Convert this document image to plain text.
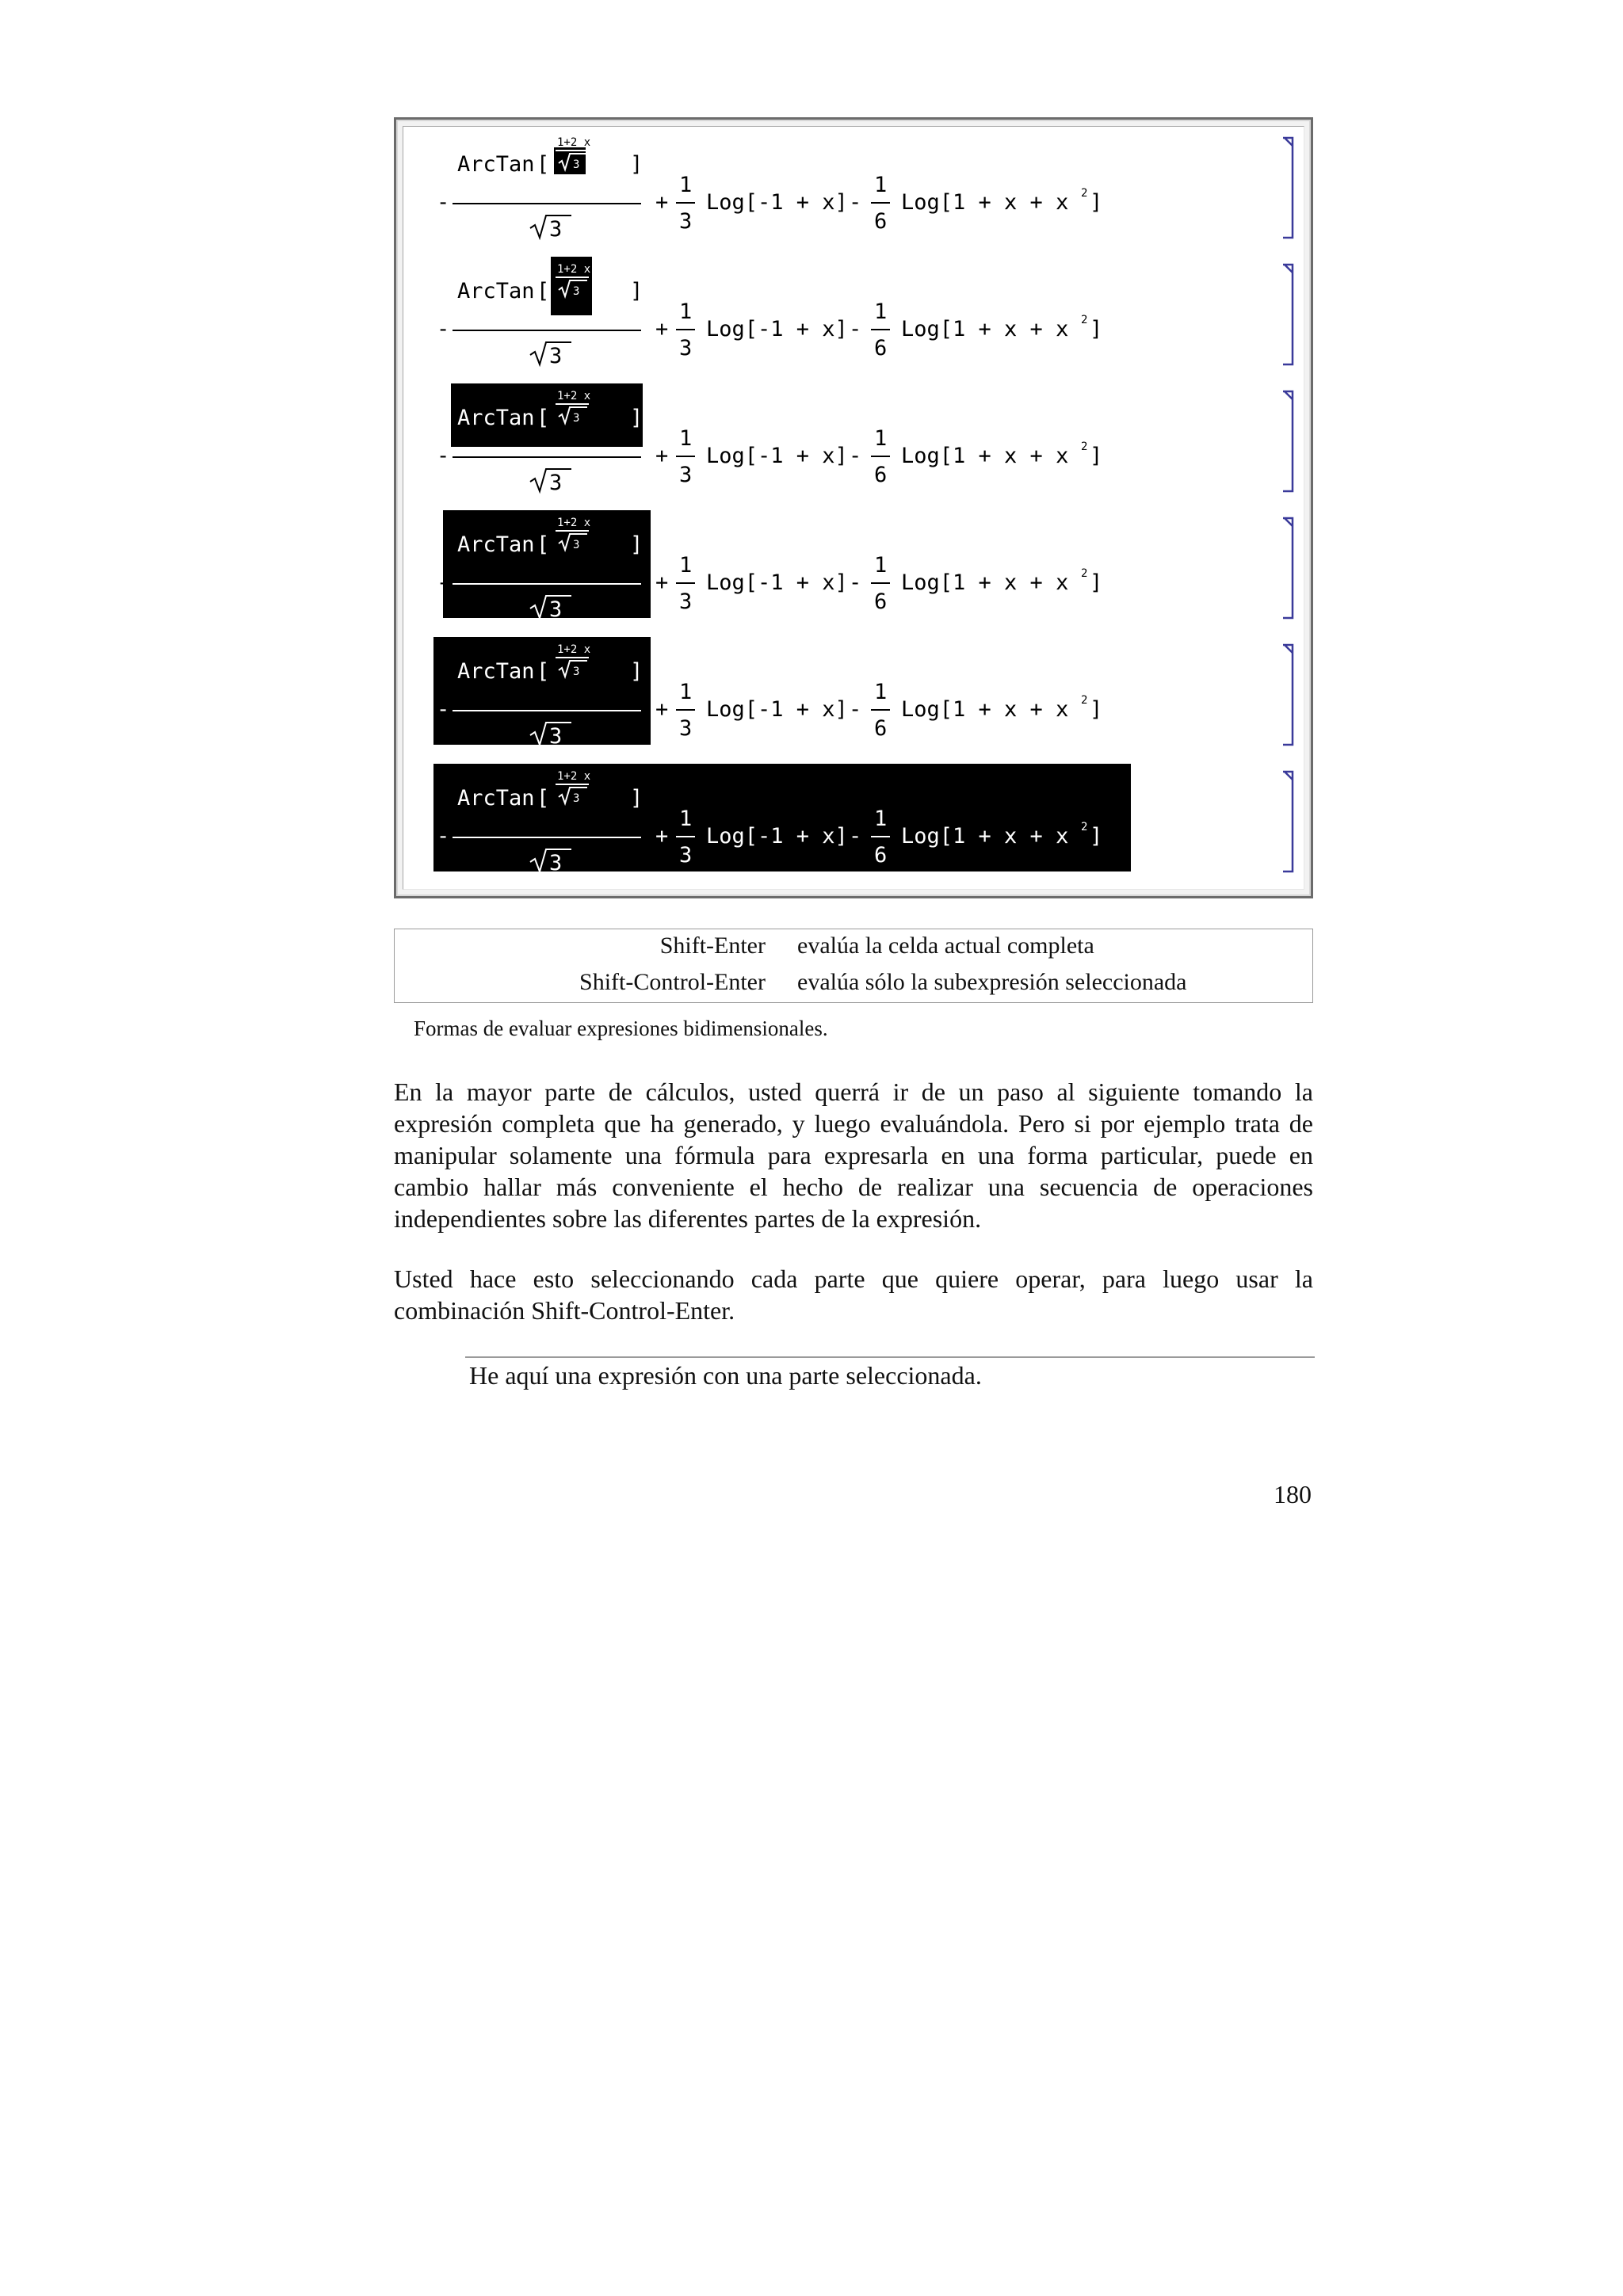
-
ArcTan [	]
1+2 x
3
3
+
1
3
Log[-1 + x] -
1
6
Log[1 + x + x 2 ]
-
ArcTan [	]
1+2 x
3
3
+
1
3
Log[-1 + x] -
1
6
Log[1 + x + x 2 ]
-
ArcTan [	]
1+2 x
3
3
+
1
3
Log[-1 + x] -
1
6
Log[1 + x + x 2 ]
-
ArcTan [	]
1+2 x
3
3
+
1
3
Log[-1 + x] -
1
6
Log[1 + x + x 2 ]
-
ArcTan [	]
1+2 x
3
3
+
1
3
Log[-1 + x] -
1
6
Log[1 + x + x 2 ]
-
ArcTan [	]
1+2 x
3
3
+
1
3
Log[-1 + x] -
1
6
Log[1 + x + x 2 ]
Shift-Enter evalúa la celda actual completa
Shift-Control-Enter evalúa sólo la subexpresión seleccionada
Formas de evaluar expresiones bidimensionales.

En la mayor parte de cálculos, usted querrá ir de un paso al siguiente tomando la expresión completa que ha generado, y luego evaluándola. Pero si por ejemplo trata de manipular solamente una fórmula para expresarla en una forma particular, puede en cambio hallar más conveniente el hecho de realizar una secuencia de operaciones independientes sobre las diferentes partes de la expresión.

Usted hace esto seleccionando cada parte que quiere operar, para luego usar la combinación Shift-Control-Enter.

He aquí una expresión con una parte seleccionada.
180
